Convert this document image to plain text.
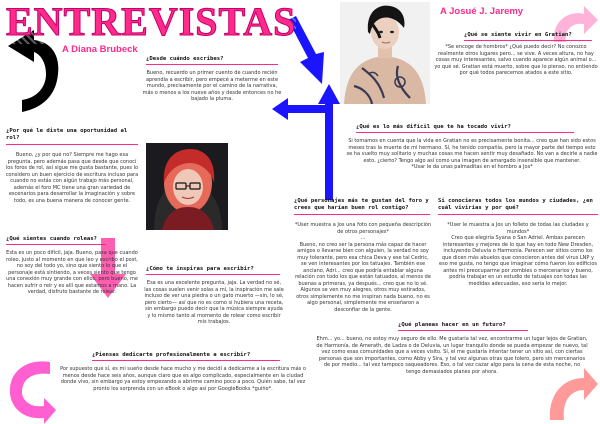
ENTREVISTAS
A Diana Brubeck
A Josué J. Jaremy
¿Desde cuándo escribes?
Bueno, recuerdo un primer cuento de cuando recién aprendía a escribir, pero empecé a meterme en este mundo, precisamente por el camino de la narrativa, más o menos a los nueve años y desde entonces no he bajado la pluma.
¿Por qué le diste una oportunidad al rol?
Bueno, ¿y por qué no? Siempre me hago esa pregunta, pero además pasa que desde que conocí los foros de rol, así sigue me gusta bastante, pues lo considero un buen ejercicio de escritura incluso para cuando no estás con algún trabajo más personal, además el foro MC tiene una gran variedad de escenarios para desarrollar la imaginación y sobre todo, es una buena manera de conocer gente.
¿Qué sientes cuando roleas?
Esta es un poco difícil, jaja. Bueno, pasa que cuando roleo, justo al momento en que leo y escribo el post, no soy del todo yo, sino que siento lo que el personaje está sintiendo, a veces siento que tengo una conexión muy grande con ellos, pero bueno, me hacen sufrir o reír y es allí que estamos a mano. La verdad, disfruto bastante de rolear.
¿Cómo te inspiras para escribir?
Esa es una excelente pregunta, jaja. La verdad no sé, las cosas suelen venir solas a mí, la inspiración me sale incluso de ver una piedra o un gato muerto —sin, lo sé, pero cierto— así que no es como si hubiera una receta, sin embargo puedo decir que la música siempre ayuda y lo mismo tanto al momento de rolear como escribir mis trabajos.
¿Piensas dedicarte profesionalmente a escribir?
Por supuesto que sí, es mi sueño desde hace mucho y me decidí a dedicarme a la escritura más o menos desde hace seis años, aunque claro que es algo complicado, especialmente en la ciudad donde vivo, sin embargo ya estoy empezando a abrirme camino poco a poco. Quién sabe, tal vez pronto los sorprenda con un eBook o algo así por GoogleBooks *guiño*.
¿Qué se siente vivir en Gratian?
*Se encoge de hombros* ¿Qué puedo decir? No conozco realmente otros lugares pero... se vive. A veces altura, no hay cosas muy interesantes, salvo cuando aparece algún animal o... yo qué sé. Gratian está muerto, sobre que lo pienso, no entiendo por qué todos parecemos atados a este sitio.
¿Qué es lo más difícil que te ha tocado vivir?
Si tomamos en cuenta que la vida en Gratian no es precisamente bonita... creo que han sido estos meses tras la muerte de mi hermano. Sí, he tenido compañía, pero la mayor parte del tiempo esto se ha vuelto muy solitario y muchas cosas me hacen sentir muy desafiado. No van a decirle a nadie esto, ¿cierto? Tengo algo así como una imagen de amargado insensible que mantener.
*Usar le da unas palmaditas en el hombro a Jos*
¿Qué personajes más te gustan del foro y crees que harían buen rol contigo?
*User muestra a Jos una foto con pequeña descripción de otros personajes*
...
Bueno, no creo ser la persona más capaz de hacer amigos o llevarse bien con alguien, la verdad no soy muy tolerante, pero esa chica Deva y ese tal Cedric, se ven interesantes por los tatuajes. También ese anciano, Adri... creo que podría entablar alguna relación con todo los que están tatuados, al menos de buenas a primeras, ya después... creo que no lo sé. Algunos se ven muy alegres, otros muy estirados, otros simplemente no me inspiran nada bueno, no es algo personal, simplemente me enseñaron a desconfiar de la gente.
Si conocieras todos los mundos y ciudades, ¿en cuál vivirías y por qué?
*User le muestra a Jos un folleto de todas las ciudades y mundos*
Creo que elegiría Syana o San Adriel. Ambas parecen interesantes y mejores de lo que hay en todo New Dresden, incluyendo Deluvia o Harmonía. Parecen ser sitios como los que dicen más abuelos que conocieron antes del virus LNP y eso me gusta, no tengo que imaginar cómo fueron los edificios antes mi preocuparme por zombies o mercenarios y bueno, podría trabajar en un estudio de tatuajes con todas las medidas adecuadas, eso sería lo mejor.
¿Qué planeas hacer en un futuro?
Ehm... yo... bueno, no estoy muy seguro de ello. Me gustaría tal vez, encontrarme un lugar lejos de Gratian, de Harmonía, de Amerath, de Ladza o de Deluvia, un lugar tranquilo donde se pueda empezar de nuevo, tal vez como esas comunidades que a veces visito. Sí, el me gustaría intentar tener un sitio así, con ciertas personas que son importantes, como Abby y Sira, y tal vez algunas otras que tolero, pero sin mercenarios de por medio... tal vez tampoco saqueadores. Eso, o tal vez cazar algo para la cena de esta noche, no tengo demasiados planes por ahora.
